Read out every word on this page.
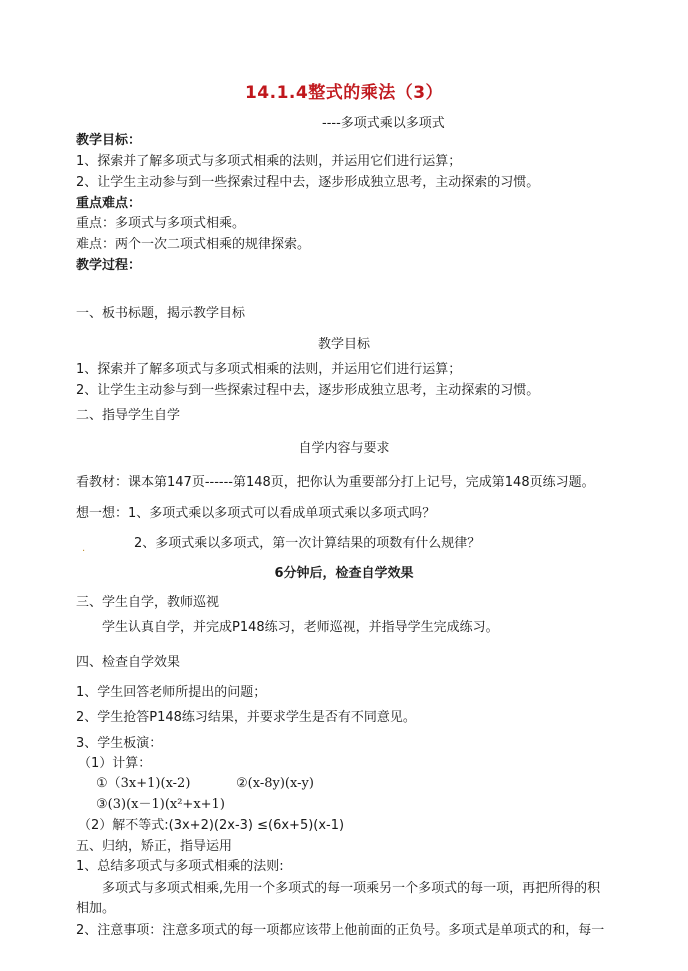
14.1.4整式的乘法（3）
----多项式乘以多项式
教学目标：
1、探索并了解多项式与多项式相乘的法则，并运用它们进行运算；
2、让学生主动参与到一些探索过程中去，逐步形成独立思考，主动探索的习惯。
重点难点：
重点：多项式与多项式相乘。
难点：两个一次二项式相乘的规律探索。
教学过程：
一、板书标题，揭示教学目标
教学目标
1、探索并了解多项式与多项式相乘的法则，并运用它们进行运算；
2、让学生主动参与到一些探索过程中去，逐步形成独立思考，主动探索的习惯。
二、指导学生自学
自学内容与要求
看教材：课本第147页------第148页，把你认为重要部分打上记号，完成第148页练习题。
想一想：1、多项式乘以多项式可以看成单项式乘以多项式吗？
.	2、多项式乘以多项式，第一次计算结果的项数有什么规律？
6分钟后，检查自学效果
三、学生自学，教师巡视
学生认真自学，并完成P148练习，老师巡视，并指导学生完成练习。
四、检查自学效果
1、学生回答老师所提出的问题；
2、学生抢答P148练习结果，并要求学生是否有不同意见。
3、学生板演：
（1）计算：
①（3x+1)(x-2)	②(x-8y)(x-y)
③(3)(x－1)(x²+x+1)
（2）解不等式:(3x+2)(2x-3) ≤(6x+5)(x-1)
五、归纳，矫正，指导运用
1、总结多项式与多项式相乘的法则:
多项式与多项式相乘,先用一个多项式的每一项乘另一个多项式的每一项，再把所得的积
相加。
2、注意事项：注意多项式的每一项都应该带上他前面的正负号。多项式是单项式的和，每一
